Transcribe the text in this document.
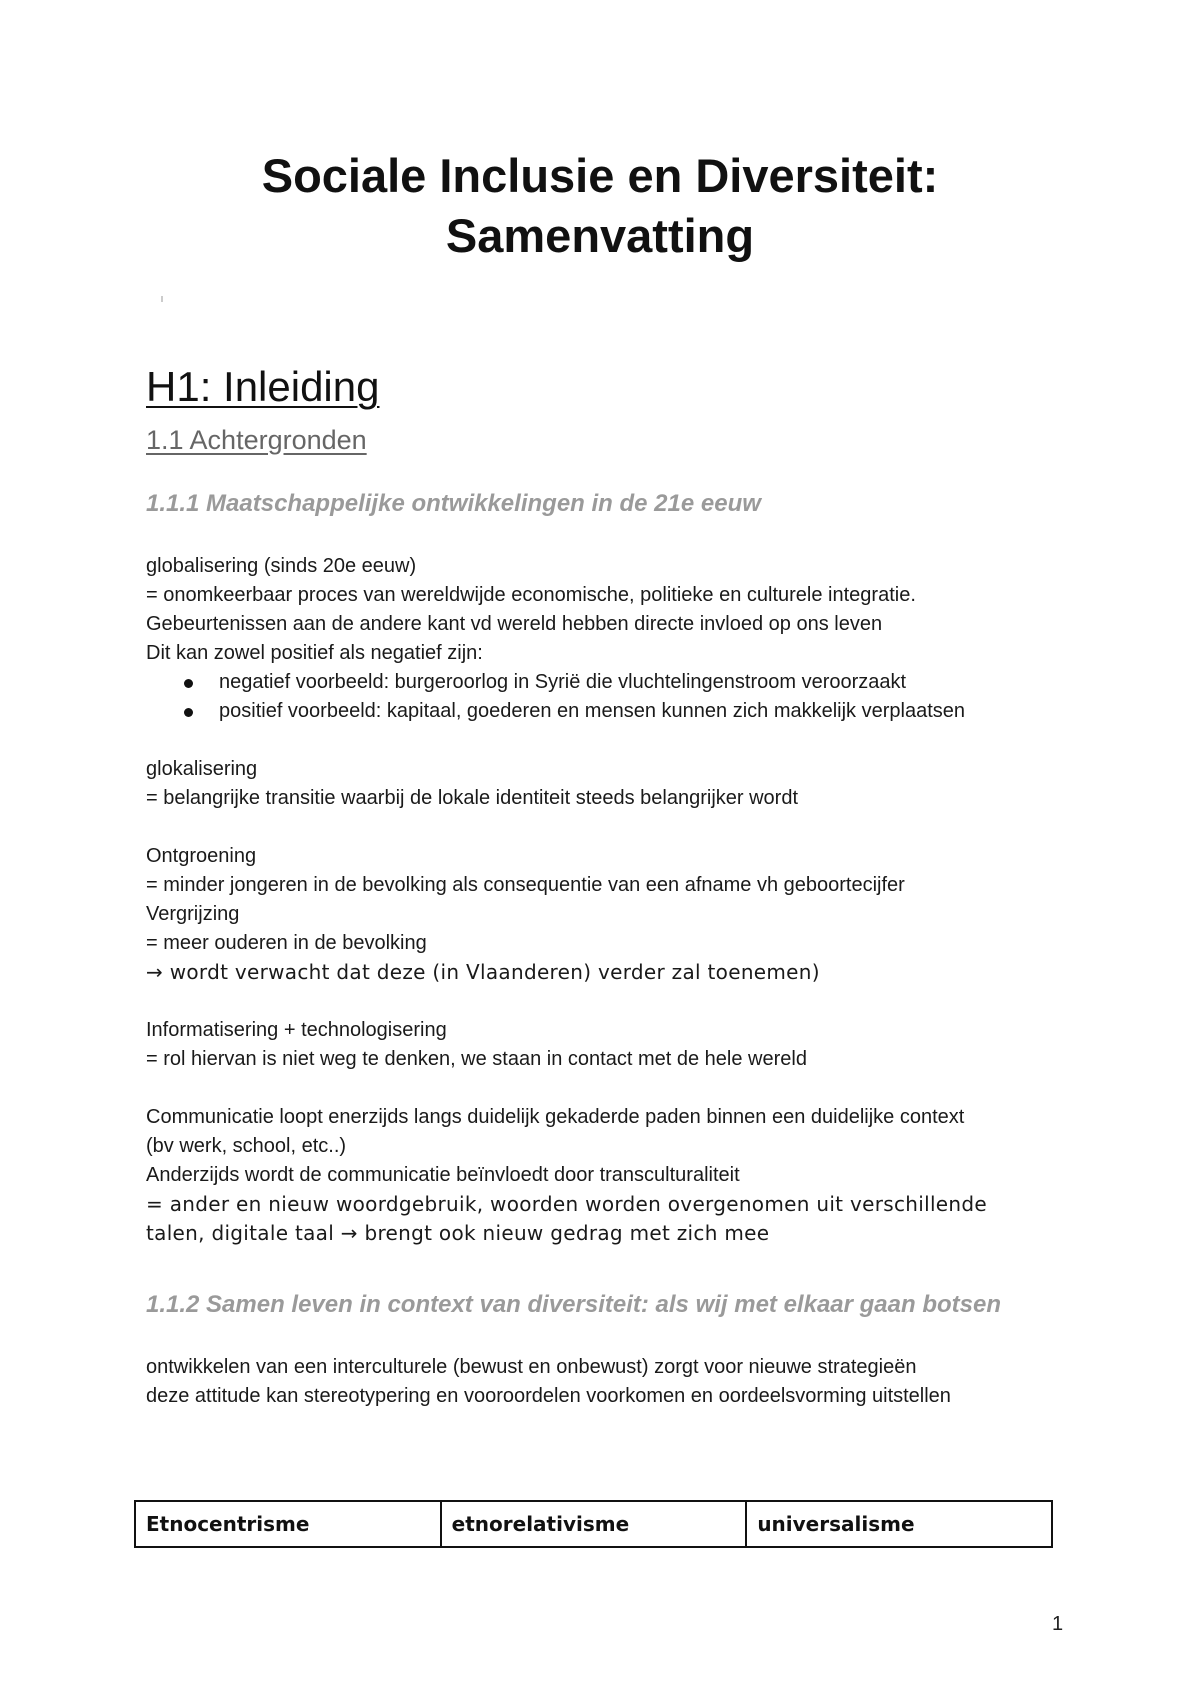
Sociale Inclusie en Diversiteit:
Samenvatting
H1: Inleiding
1.1 Achtergronden
1.1.1 Maatschappelijke ontwikkelingen in de 21e eeuw
globalisering (sinds 20e eeuw)
= onomkeerbaar proces van wereldwijde economische, politieke en culturele integratie.
Gebeurtenissen aan de andere kant vd wereld hebben directe invloed op ons leven
Dit kan zowel positief als negatief zijn:
negatief voorbeeld: burgeroorlog in Syrië die vluchtelingenstroom veroorzaakt
positief voorbeeld: kapitaal, goederen en mensen kunnen zich makkelijk verplaatsen
glokalisering
= belangrijke transitie waarbij de lokale identiteit steeds belangrijker wordt
Ontgroening
= minder jongeren in de bevolking als consequentie van een afname vh geboortecijfer
Vergrijzing
= meer ouderen in de bevolking
→ wordt verwacht dat deze (in Vlaanderen) verder zal toenemen)
Informatisering + technologisering
= rol hiervan is niet weg te denken, we staan in contact met de hele wereld
Communicatie loopt enerzijds langs duidelijk gekaderde paden binnen een duidelijke context
(bv werk, school, etc..)
Anderzijds wordt de communicatie beïnvloedt door transculturaliteit
= ander en nieuw woordgebruik, woorden worden overgenomen uit verschillende
talen, digitale taal → brengt ook nieuw gedrag met zich mee
1.1.2 Samen leven in context van diversiteit: als wij met elkaar gaan botsen
ontwikkelen van een interculturele (bewust en onbewust) zorgt voor nieuwe strategieën
deze attitude kan stereotypering en vooroordelen voorkomen en oordeelsvorming uitstellen
Etnocentrisme	etnorelativisme	universalisme
1
